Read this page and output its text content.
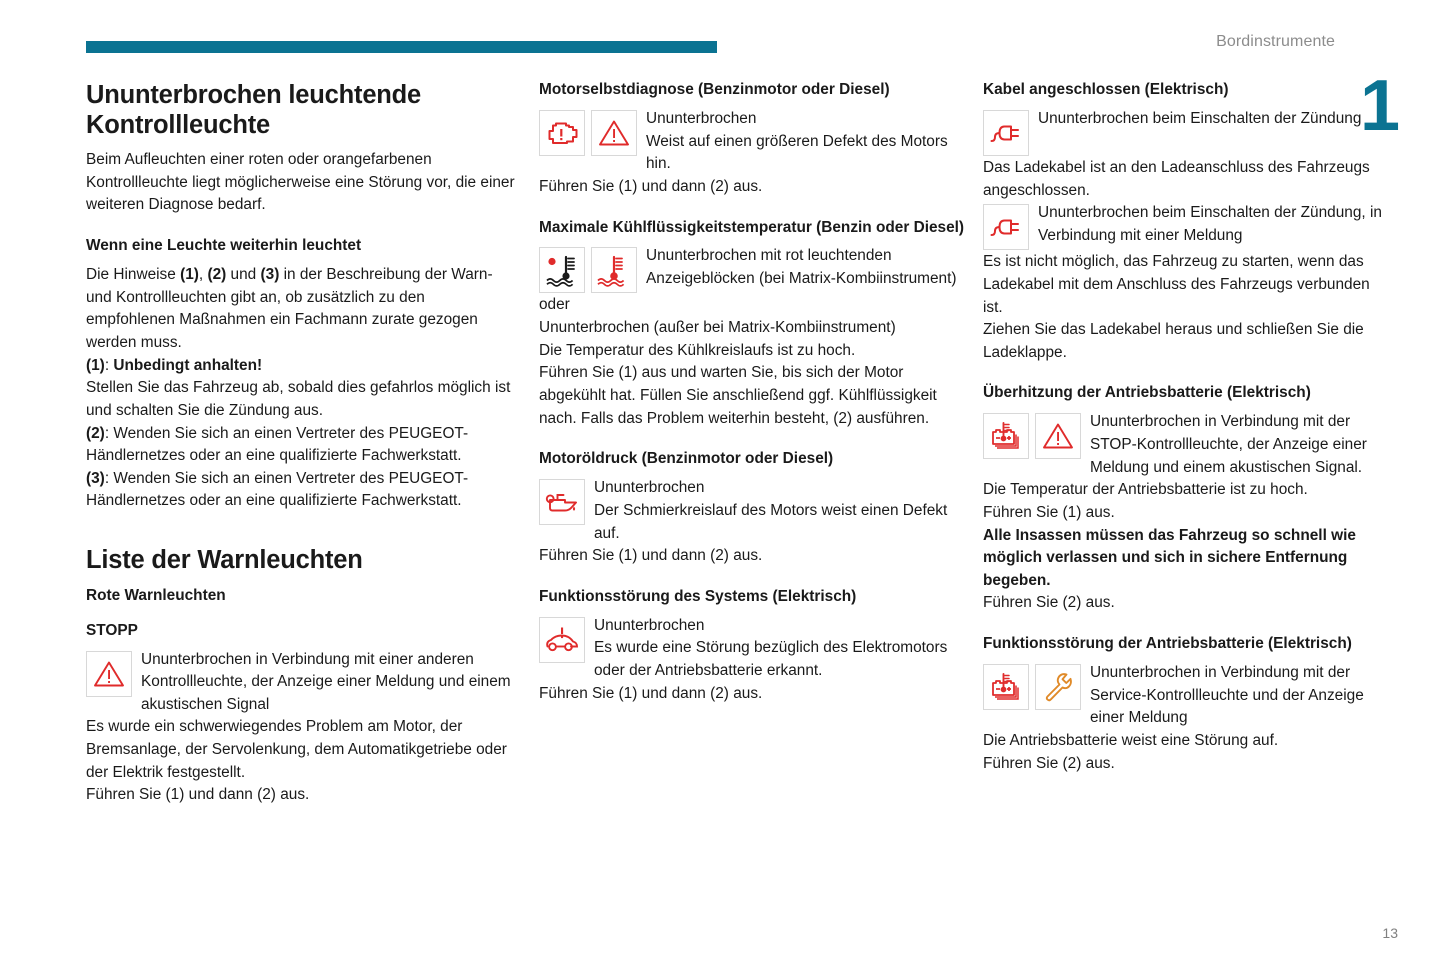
Bordinstrumente
1
13
Ununterbrochen leuchtende Kontrollleuchte

Beim Aufleuchten einer roten oder orangefarbenen Kontrollleuchte liegt möglicherweise eine Störung vor, die einer weiteren Diagnose bedarf.

Wenn eine Leuchte weiterhin leuchtet

Die Hinweise (1), (2) und (3) in der Beschreibung der Warn- und Kontrollleuchten gibt an, ob zusätzlich zu den empfohlenen Maßnahmen ein Fachmann zurate gezogen werden muss.

(1): Unbedingt anhalten!

Stellen Sie das Fahrzeug ab, sobald dies gefahrlos möglich ist und schalten Sie die Zündung aus.

(2): Wenden Sie sich an einen Vertreter des PEUGEOT-Händlernetzes oder an eine qualifizierte Fachwerkstatt.

(3): Wenden Sie sich an einen Vertreter des PEUGEOT-Händlernetzes oder an eine qualifizierte Fachwerkstatt.

Liste der Warnleuchten
Rote Warnleuchten
STOPP

Ununterbrochen in Verbindung mit einer anderen Kontrollleuchte, der Anzeige einer Meldung und einem akustischen Signal

Es wurde ein schwerwiegendes Problem am Motor, der Bremsanlage, der Servolenkung, dem Automatikgetriebe oder der Elektrik festgestellt.

Führen Sie (1) und dann (2) aus.

Motorselbstdiagnose (Benzinmotor oder Diesel)

Ununterbrochen

Weist auf einen größeren Defekt des Motors hin.

Führen Sie (1) und dann (2) aus.

Maximale Kühlflüssigkeitstemperatur (Benzin oder Diesel)

Ununterbrochen mit rot leuchtenden Anzeigeblöcken (bei Matrix-Kombiinstrument)

oder

Ununterbrochen (außer bei Matrix-Kombiinstrument)

Die Temperatur des Kühlkreislaufs ist zu hoch.

Führen Sie (1) aus und warten Sie, bis sich der Motor abgekühlt hat. Füllen Sie anschließend ggf. Kühlflüssigkeit nach. Falls das Problem weiterhin besteht, (2) ausführen.

Motoröldruck (Benzinmotor oder Diesel)

Ununterbrochen

Der Schmierkreislauf des Motors weist einen Defekt auf.

Führen Sie (1) und dann (2) aus.

Funktionsstörung des Systems (Elektrisch)

Ununterbrochen

Es wurde eine Störung bezüglich des Elektromotors oder der Antriebsbatterie erkannt.

Führen Sie (1) und dann (2) aus.

Kabel angeschlossen (Elektrisch)

Ununterbrochen beim Einschalten der Zündung

Das Ladekabel ist an den Ladeanschluss des Fahrzeugs angeschlossen.

Ununterbrochen beim Einschalten der Zündung, in Verbindung mit einer Meldung

Es ist nicht möglich, das Fahrzeug zu starten, wenn das Ladekabel mit dem Anschluss des Fahrzeugs verbunden ist.

Ziehen Sie das Ladekabel heraus und schließen Sie die Ladeklappe.

Überhitzung der Antriebsbatterie (Elektrisch)

Ununterbrochen in Verbindung mit der STOP-Kontrollleuchte, der Anzeige einer Meldung und einem akustischen Signal.

Die Temperatur der Antriebsbatterie ist zu hoch.

Führen Sie (1) aus.

Alle Insassen müssen das Fahrzeug so schnell wie möglich verlassen und sich in sichere Entfernung begeben.

Führen Sie (2) aus.

Funktionsstörung der Antriebsbatterie (Elektrisch)

Ununterbrochen in Verbindung mit der Service-Kontrollleuchte und der Anzeige einer Meldung

Die Antriebsbatterie weist eine Störung auf.

Führen Sie (2) aus.
